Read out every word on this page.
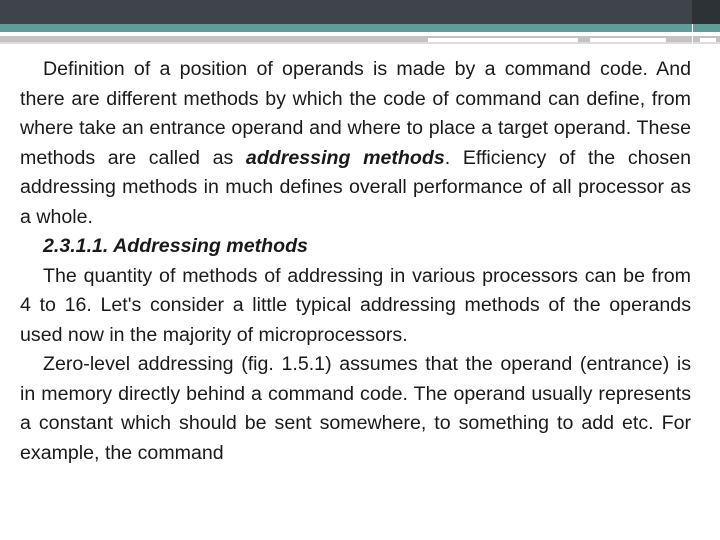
Definition of a position of operands is made by a command code. And there are different methods by which the code of command can define, from where take an entrance operand and where to place a target operand. These methods are called as addressing methods. Efficiency of the chosen addressing methods in much defines overall performance of all processor as a whole.

2.3.1.1. Addressing methods

The quantity of methods of addressing in various processors can be from 4 to 16. Let's consider a little typical addressing methods of the operands used now in the majority of microprocessors.

Zero-level addressing (fig. 1.5.1) assumes that the operand (entrance) is in memory directly behind a command code. The operand usually represents a constant which should be sent somewhere, to something to add etc. For example, the command
